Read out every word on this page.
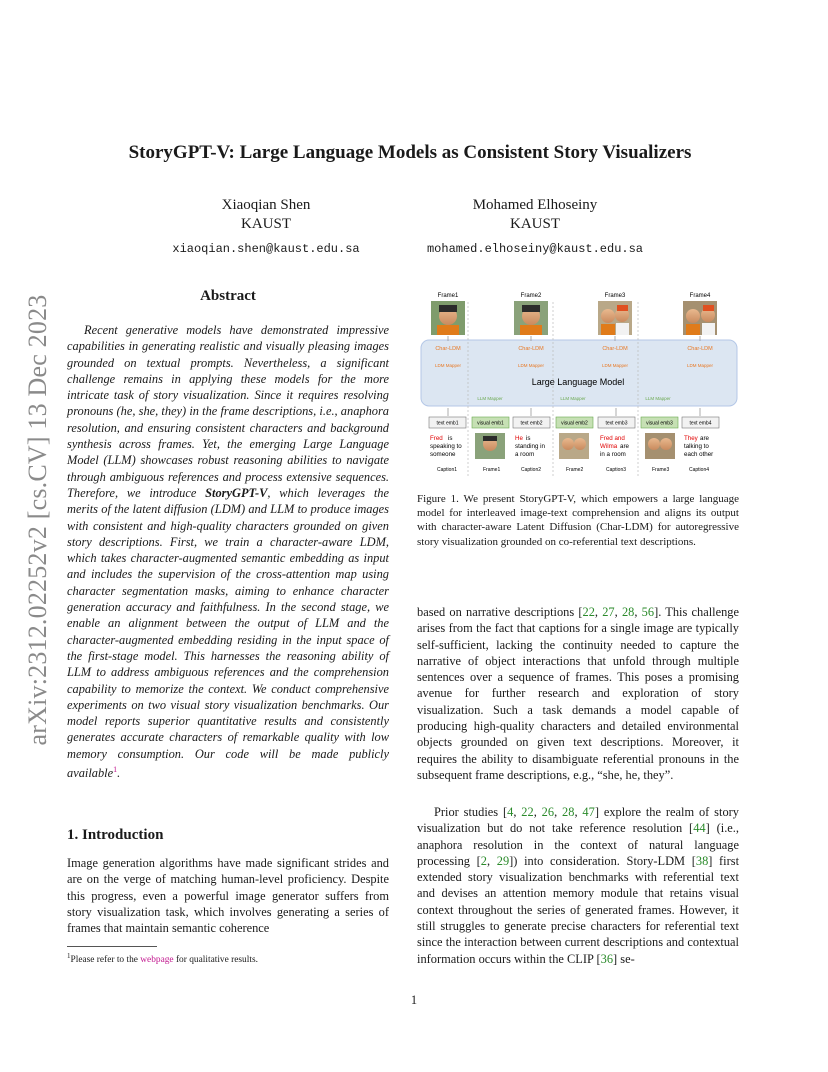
arXiv:2312.02252v2 [cs.CV] 13 Dec 2023
StoryGPT-V: Large Language Models as Consistent Story Visualizers
Xiaoqian Shen
KAUST
xiaoqian.shen@kaust.edu.sa
Mohamed Elhoseiny
KAUST
mohamed.elhoseiny@kaust.edu.sa
Abstract

Recent generative models have demonstrated impressive capabilities in generating realistic and visually pleasing images grounded on textual prompts. Nevertheless, a significant challenge remains in applying these models for the more intricate task of story visualization. Since it requires resolving pronouns (he, she, they) in the frame descriptions, i.e., anaphora resolution, and ensuring consistent characters and background synthesis across frames. Yet, the emerging Large Language Model (LLM) showcases robust reasoning abilities to navigate through ambiguous references and process extensive sequences. Therefore, we introduce StoryGPT-V, which leverages the merits of the latent diffusion (LDM) and LLM to produce images with consistent and high-quality characters grounded on given story descriptions. First, we train a character-aware LDM, which takes character-augmented semantic embedding as input and includes the supervision of the cross-attention map using character segmentation masks, aiming to enhance character generation accuracy and faithfulness. In the second stage, we enable an alignment between the output of LLM and the character-augmented embedding residing in the input space of the first-stage model. This harnesses the reasoning ability of LLM to address ambiguous references and the comprehension capability to memorize the context. We conduct comprehensive experiments on two visual story visualization benchmarks. Our model reports superior quantitative results and consistently generates accurate characters of remarkable quality with low memory consumption. Our code will be made publicly available$^1$.

1. Introduction

Image generation algorithms have made significant strides and are on the verge of matching human-level proficiency. Despite this progress, even a powerful image generator suffers from story visualization task, which involves generating a series of frames that maintain semantic coherence

$^1$Please refer to the webpage for qualitative results.
Frame1
Char-LDM
LDM Mapper
Frame2
Char-LDM
LDM Mapper
Frame3
Char-LDM
LDM Mapper
Frame4
Char-LDM
LDM Mapper
Large Language Model
LLM Mapper	LLM Mapper	LLM Mapper
text emb1	visual emb1	text emb2	visual emb2	text emb3	visual emb3	text emb4
Fred is
speaking to
someone
Caption1	Frame1
He is
standing in
a room
Caption2	Frame2
Fred and
Wilma are
in a room
Caption3	Frame3
They are
talking to
each other
Caption4

Figure 1. We present StoryGPT-V, which empowers a large language model for interleaved image-text comprehension and aligns its output with character-aware Latent Diffusion (Char-LDM) for autoregressive story visualization grounded on co-referential text descriptions.

based on narrative descriptions [22, 27, 28, 56]. This challenge arises from the fact that captions for a single image are typically self-sufficient, lacking the continuity needed to capture the narrative of object interactions that unfold through multiple sentences over a sequence of frames. This poses a promising avenue for further research and exploration of story visualization. Such a task demands a model capable of producing high-quality characters and detailed environmental objects grounded on given text descriptions. Moreover, it requires the ability to disambiguate referential pronouns in the subsequent frame descriptions, e.g., “she, he, they”.

Prior studies [4, 22, 26, 28, 47] explore the realm of story visualization but do not take reference resolution [44] (i.e., anaphora resolution in the context of natural language processing [2, 29]) into consideration. Story-LDM [38] first extended story visualization benchmarks with referential text and devises an attention memory module that retains visual context throughout the series of generated frames. However, it still struggles to generate precise characters for referential text since the interaction between current descriptions and contextual information occurs within the CLIP [36] se-

1
